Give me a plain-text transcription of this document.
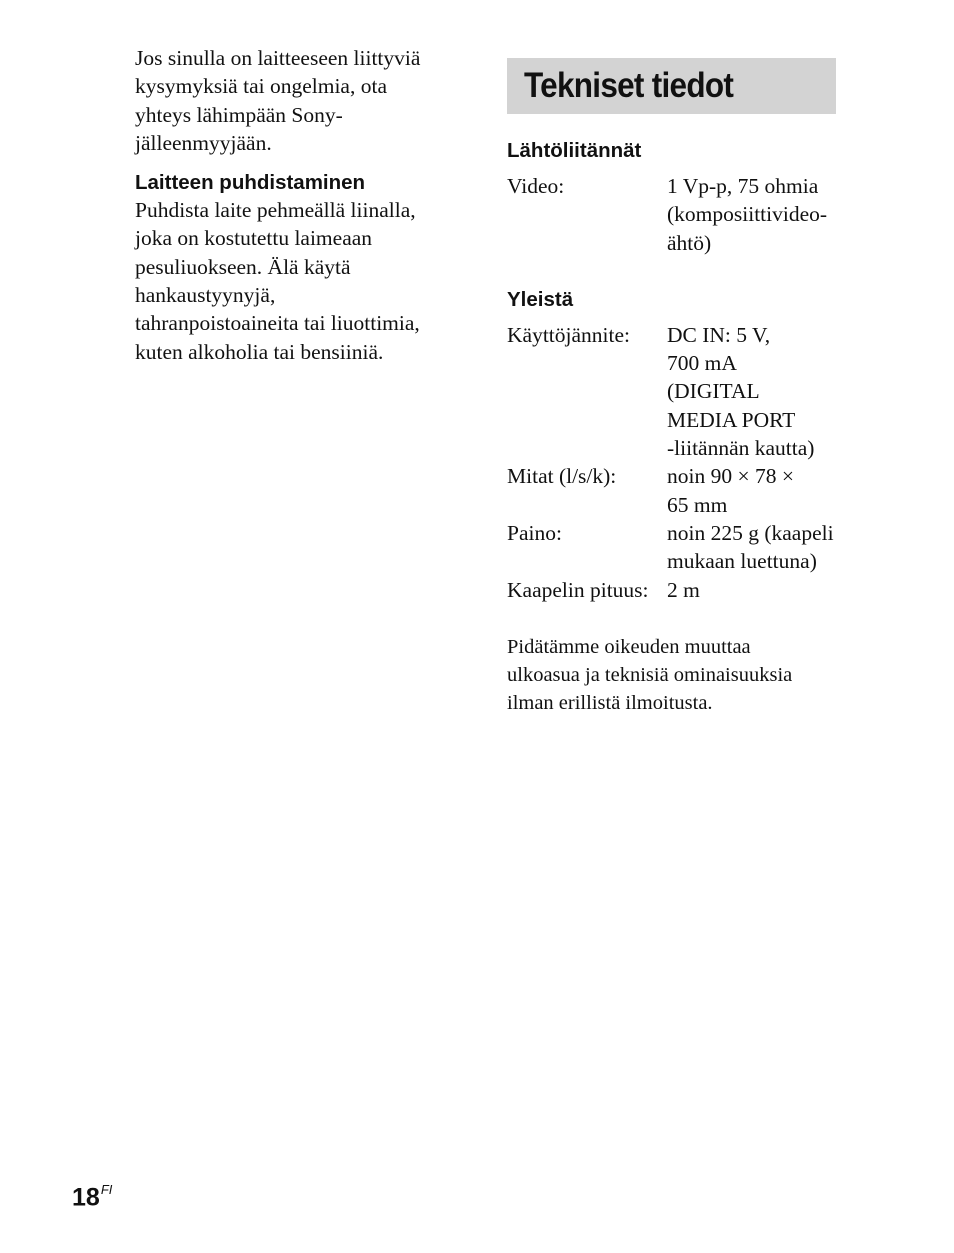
Jos sinulla on laitteeseen liittyviä
kysymyksiä tai ongelmia, ota
yhteys lähimpään Sony-
jälleenmyyjään.

Laitteen puhdistaminen

Puhdista laite pehmeällä liinalla,
joka on kostutettu laimeaan
pesuliuokseen. Älä käytä
hankaustyynyjä,
tahranpoistoaineita tai liuottimia,
kuten alkoholia tai bensiiniä.

Tekniset tiedot
Lähtöliitännät
Video:	1 Vp-p, 75 ohmia
(komposiittivideo-
ähtö)
Yleistä
Käyttöjännite:	DC IN: 5 V,
700 mA
(DIGITAL
MEDIA PORT
-liitännän kautta)
Mitat (l/s/k):	noin 90 × 78 ×
65 mm
Paino:	noin 225 g (kaapeli
mukaan luettuna)
Kaapelin pituus:	2 m

Pidätämme oikeuden muuttaa
ulkoasua ja teknisiä ominaisuuksia
ilman erillistä ilmoitusta.

$18^{FI}$
